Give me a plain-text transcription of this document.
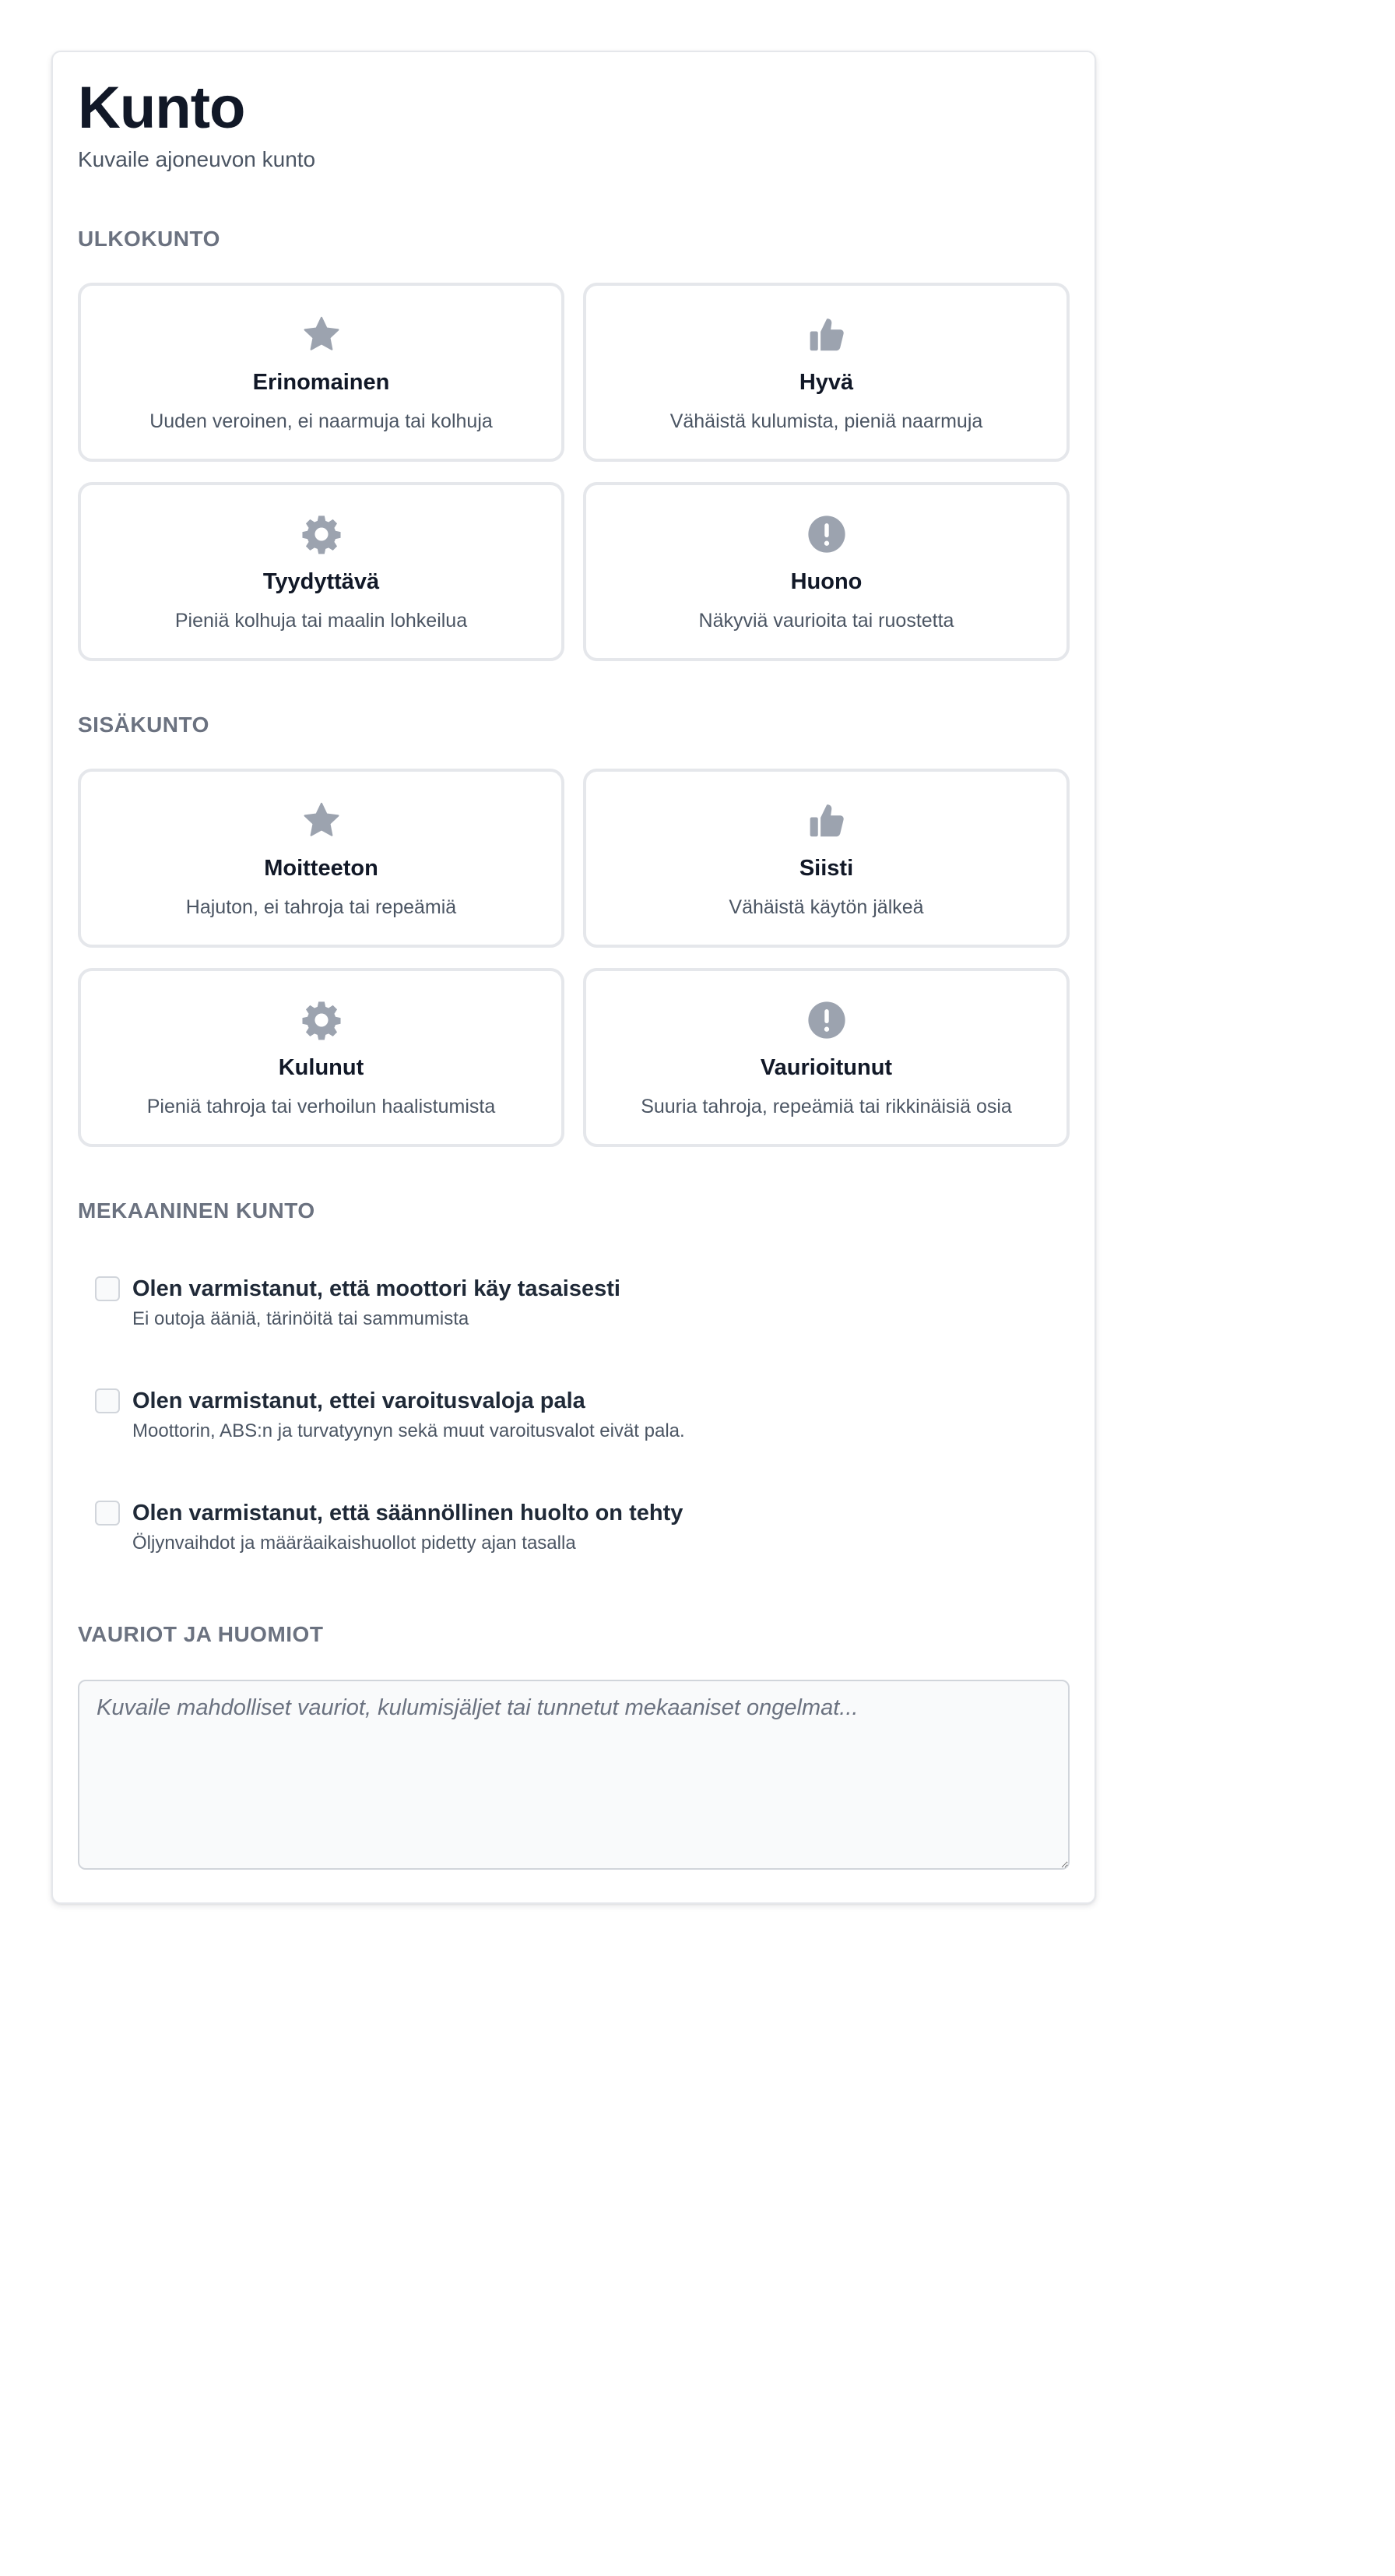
Kunto

Kuvaile ajoneuvon kunto

ULKOKUNTO
Erinomainen
Uuden veroinen, ei naarmuja tai kolhuja
Hyvä
Vähäistä kulumista, pieniä naarmuja
Tyydyttävä
Pieniä kolhuja tai maalin lohkeilua
Huono
Näkyviä vaurioita tai ruostetta
SISÄKUNTO
Moitteeton
Hajuton, ei tahroja tai repeämiä
Siisti
Vähäistä käytön jälkeä
Kulunut
Pieniä tahroja tai verhoilun haalistumista
Vaurioitunut
Suuria tahroja, repeämiä tai rikkinäisiä osia
MEKAANINEN KUNTO
Olen varmistanut, että moottori käy tasaisesti
Ei outoja ääniä, tärinöitä tai sammumista
Olen varmistanut, ettei varoitusvaloja pala
Moottorin, ABS:n ja turvatyynyn sekä muut varoitusvalot eivät pala.
Olen varmistanut, että säännöllinen huolto on tehty
Öljynvaihdot ja määräaikaishuollot pidetty ajan tasalla
VAURIOT JA HUOMIOT
Kuvaile mahdolliset vauriot, kulumisjäljet tai tunnetut mekaaniset ongelmat...
